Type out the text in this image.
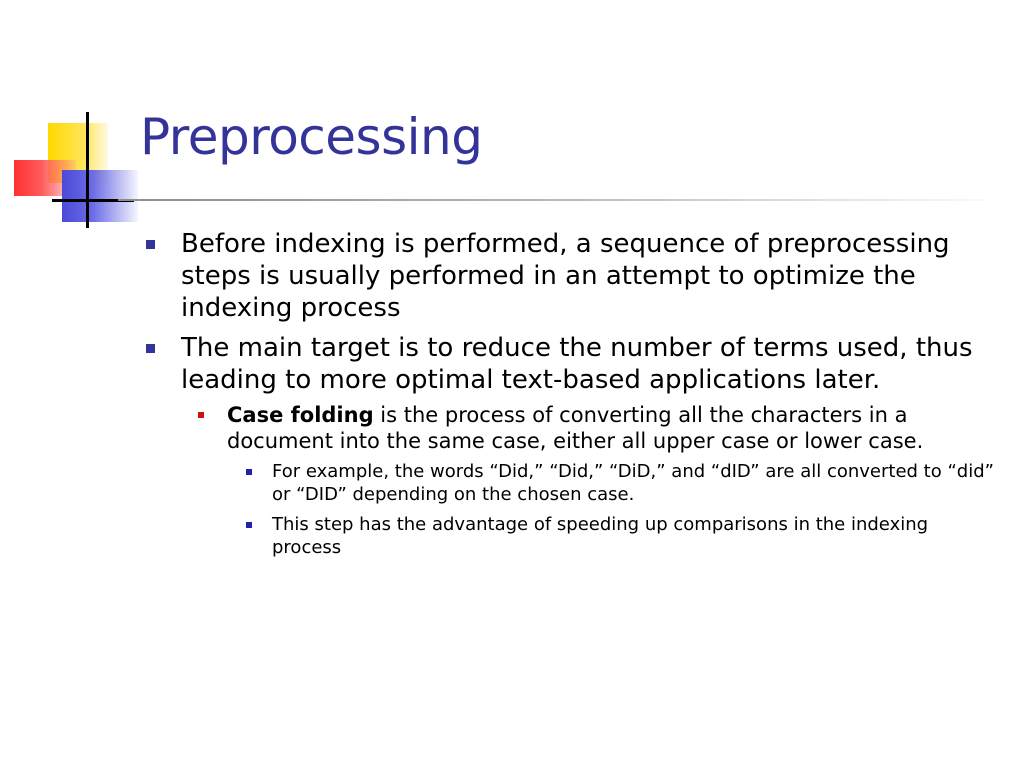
Preprocessing
Before indexing is performed, a sequence of preprocessing steps is usually performed in an attempt to optimize the indexing process
The main target is to reduce the number of terms used, thus leading to more optimal text-based applications later.
Case folding is the process of converting all the characters in a document into the same case, either all upper case or lower case.
For example, the words “Did,” “Did,” “DiD,” and “dID” are all converted to “did” or “DID” depending on the chosen case.
This step has the advantage of speeding up comparisons in the indexing process
